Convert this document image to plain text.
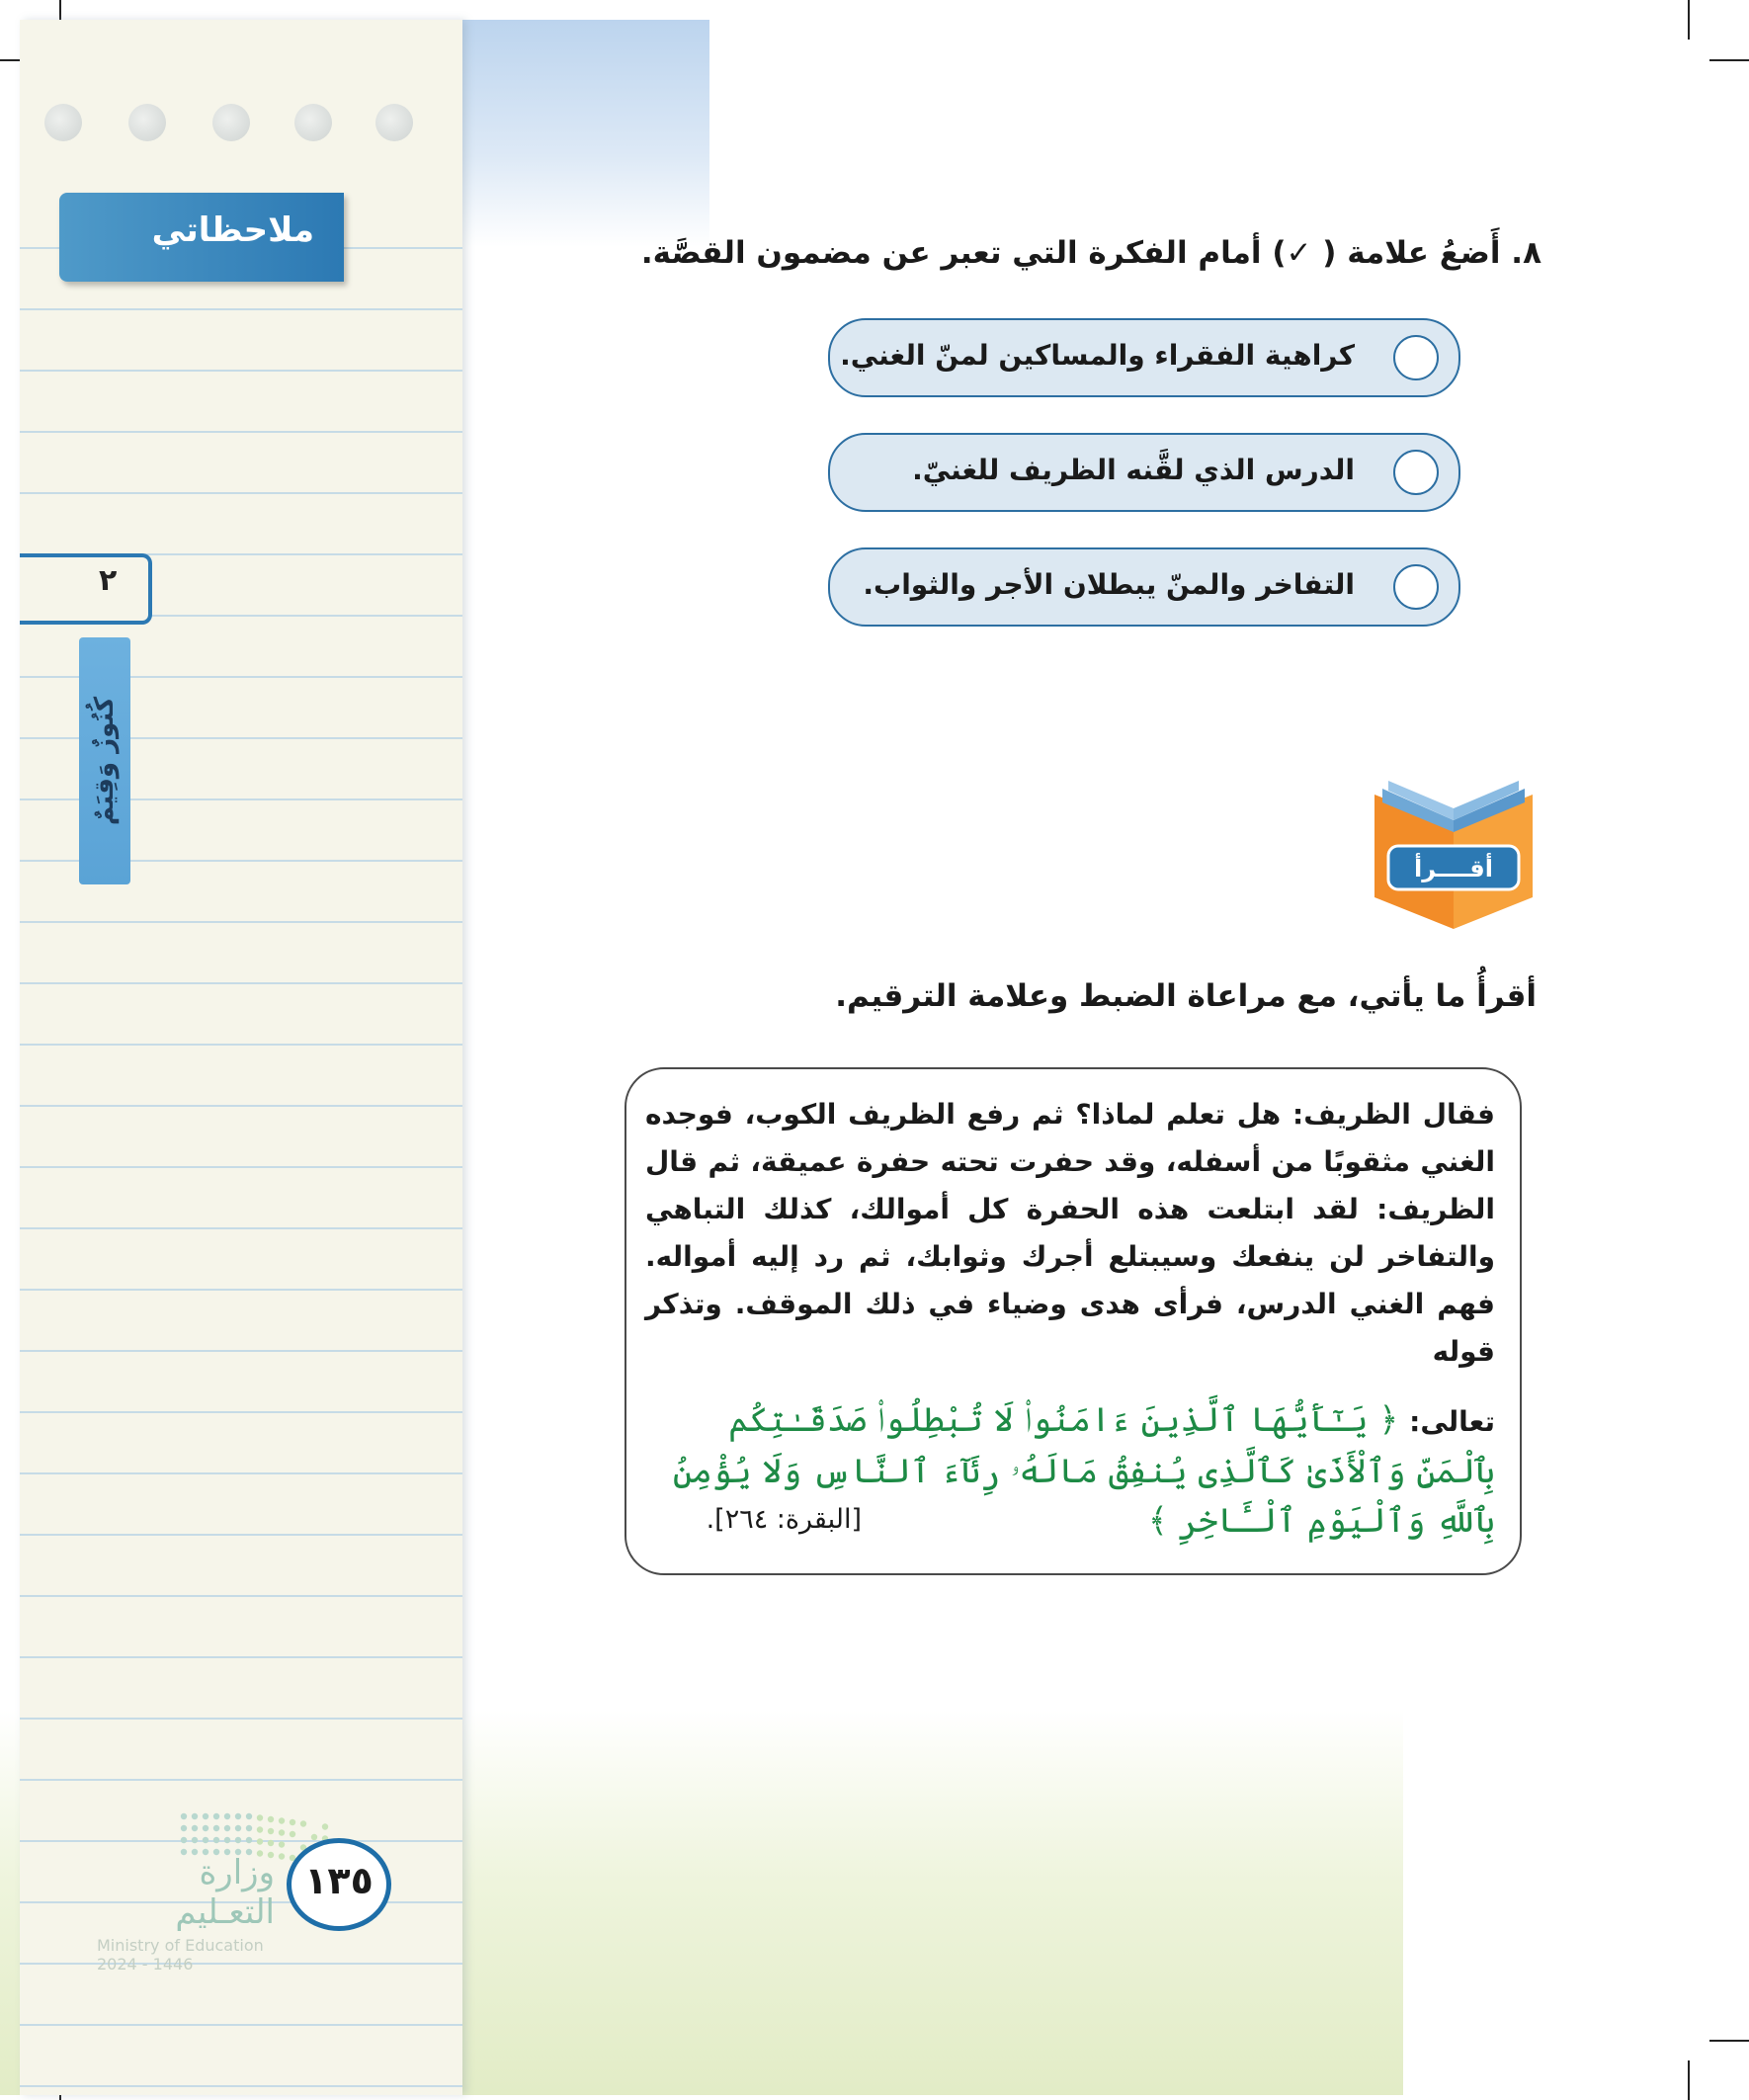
ملاحظاتي
٢
كُنُوزٌ وَقِيَمٌ
٨. أَضعُ علامة ( ✓) أمام الفكرة التي تعبر عن مضمون القصَّة.
كراهية الفقراء والمساكين لمنّ الغني.
الدرس الذي لقَّنه الظريف للغنيّ.
التفاخر والمنّ يبطلان الأجر والثواب.
أقــــرأ
أقرأُ ما يأتي، مع مراعاة الضبط وعلامة الترقيم.
فقال الظريف: هل تعلم لماذا؟ ثم رفع الظريف الكوب، فوجده الغني مثقوبًا من أسفله، وقد حفرت تحته حفرة عميقة، ثم قال الظريف: لقد ابتلعت هذه الحفرة كل أموالك، كذلك التباهي والتفاخر لن ينفعك وسيبتلع أجرك وثوابك، ثم رد إليه أمواله. فهم الغني الدرس، فرأى هدى وضياء في ذلك الموقف. وتذكر قوله
تعالى: ﴿ يَـٰٓأَيُّهَا ٱلَّذِينَ ءَامَنُوا۟ لَا تُبْطِلُوا۟ صَدَقَـٰتِكُم بِٱلْمَنِّ وَٱلْأَذَىٰ كَٱلَّذِى يُنفِقُ مَالَهُۥ رِئَآءَ ٱلنَّاسِ وَلَا يُؤْمِنُ بِٱللَّهِ وَٱلْيَوْمِ ٱلْـَٔاخِرِ ﴾
[البقرة: ٢٦٤].
وزارة التعـليم
Ministry of Education
2024 - 1446
١٣٥
